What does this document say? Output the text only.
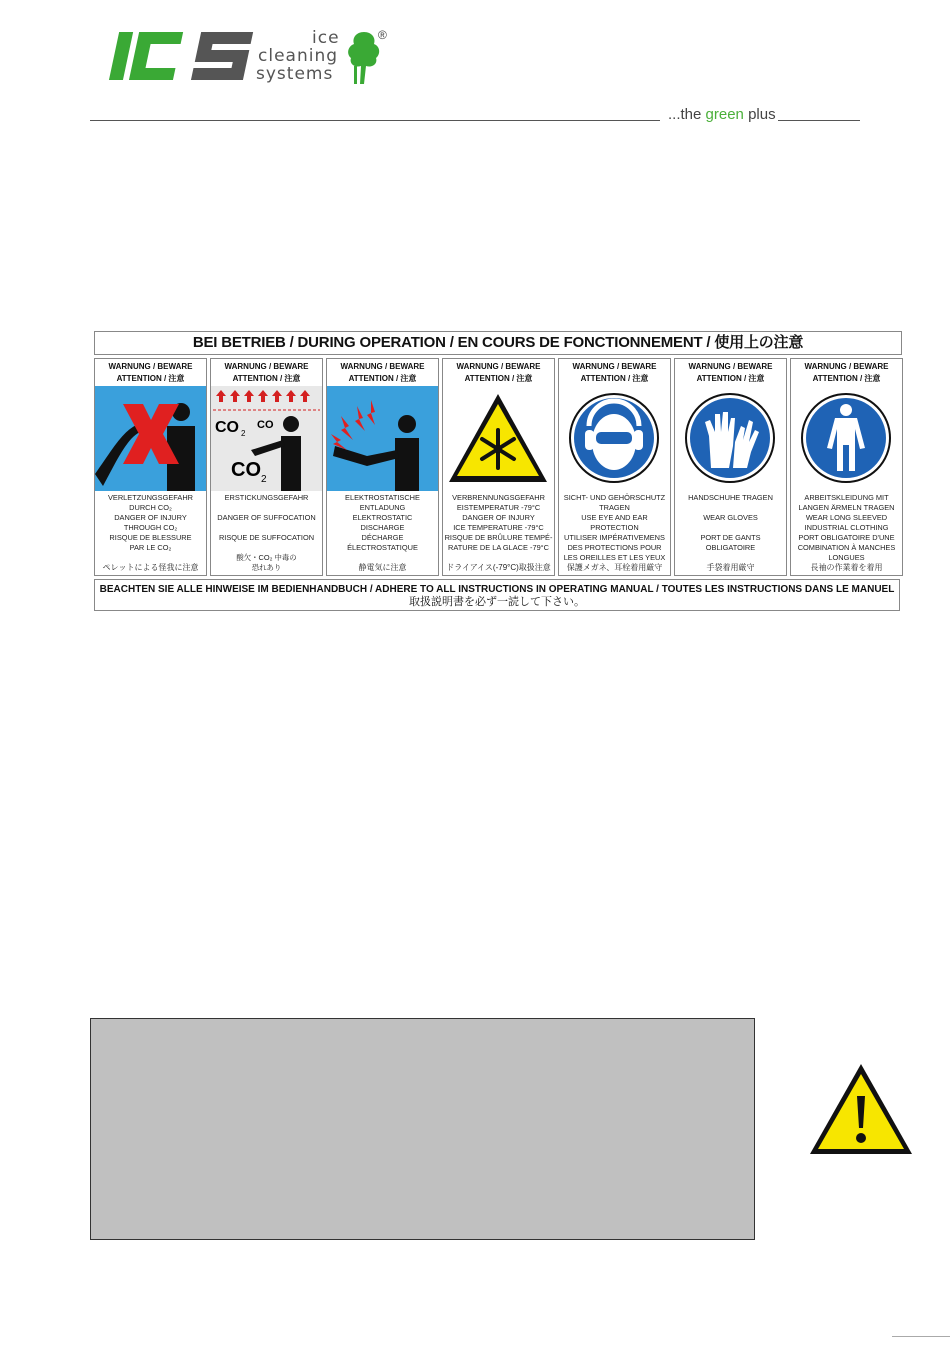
ice
cleaning
systems
®
...the green plus
BEI BETRIEB / DURING OPERATION / EN COURS DE FONCTIONNEMENT / 使用上の注意
WARNUNG / BEWARE
ATTENTION / 注意
VERLETZUNGSGEFAHR
DURCH CO₂
DANGER OF INJURY
THROUGH CO₂
RISQUE DE BLESSURE
PAR LE CO₂
ペレットによる怪我に注意
WARNUNG / BEWARE
ATTENTION / 注意
CO 2
CO
CO 2
ERSTICKUNGSGEFAHR

DANGER OF SUFFOCATION

RISQUE DE SUFFOCATION

酸欠・CO₂ 中毒の
恐れあり
WARNUNG / BEWARE
ATTENTION / 注意
ELEKTROSTATISCHE
ENTLADUNG
ELEKTROSTATIC
DISCHARGE
DÉCHARGE
ÉLECTROSTATIQUE
静電気に注意
WARNUNG / BEWARE
ATTENTION / 注意
VERBRENNUNGSGEFAHR
EISTEMPERATUR -79°C
DANGER OF INJURY
ICE TEMPERATURE -79°C
RISQUE DE BRÛLURE TEMPÉ-
RATURE DE LA GLACE -79°C
ドライアイス(-79°C)取扱注意
WARNUNG / BEWARE
ATTENTION / 注意
SICHT- UND GEHÖRSCHUTZ
TRAGEN
USE EYE AND EAR
PROTECTION
UTILISER IMPÉRATIVEMENS
DES PROTECTIONS POUR
LES OREILLES ET LES YEUX
保護メガネ、耳栓着用厳守
WARNUNG / BEWARE
ATTENTION / 注意
HANDSCHUHE TRAGEN

WEAR GLOVES

PORT DE GANTS
OBLIGATOIRE
手袋着用厳守
WARNUNG / BEWARE
ATTENTION / 注意
ARBEITSKLEIDUNG MIT
LANGEN ÄRMELN TRAGEN
WEAR LONG SLEEVED
INDUSTRIAL CLOTHING
PORT OBLIGATOIRE D'UNE
COMBINATION À MANCHES
LONGUES
長袖の作業着を着用
BEACHTEN SIE ALLE HINWEISE IM BEDIENHANDBUCH / ADHERE TO ALL INSTRUCTIONS IN OPERATING MANUAL / TOUTES LES INSTRUCTIONS DANS LE MANUEL
取扱説明書を必ず一読して下さい。
